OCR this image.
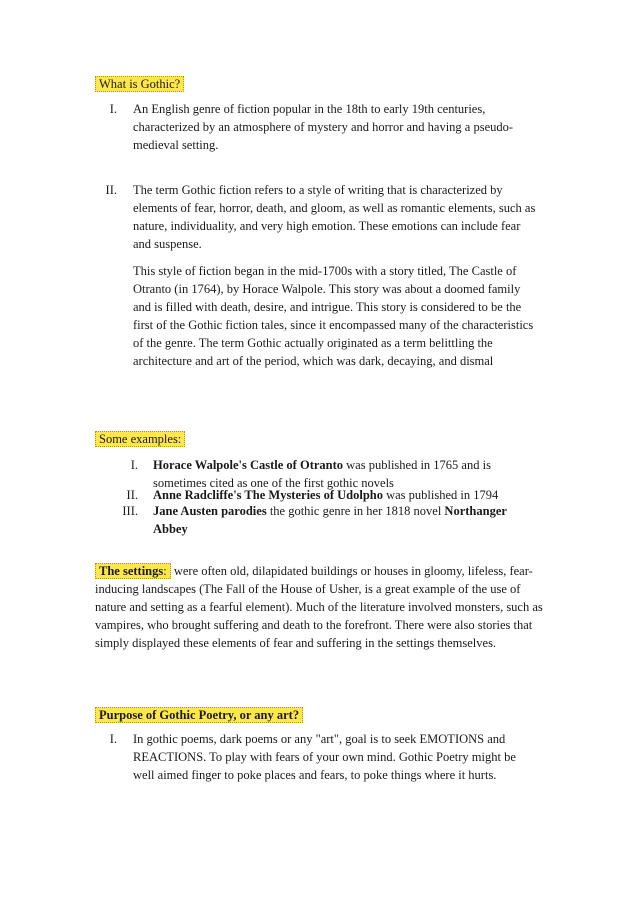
What is Gothic?
I. An English genre of fiction popular in the 18th to early 19th centuries, characterized by an atmosphere of mystery and horror and having a pseudo-medieval setting.
II. The term Gothic fiction refers to a style of writing that is characterized by elements of fear, horror, death, and gloom, as well as romantic elements, such as nature, individuality, and very high emotion. These emotions can include fear and suspense.
This style of fiction began in the mid-1700s with a story titled, The Castle of Otranto (in 1764), by Horace Walpole. This story was about a doomed family and is filled with death, desire, and intrigue. This story is considered to be the first of the Gothic fiction tales, since it encompassed many of the characteristics of the genre. The term Gothic actually originated as a term belittling the architecture and art of the period, which was dark, decaying, and dismal
Some examples:
I. Horace Walpole's Castle of Otranto was published in 1765 and is sometimes cited as one of the first gothic novels
II. Anne Radcliffe's The Mysteries of Udolpho was published in 1794
III. Jane Austen parodies the gothic genre in her 1818 novel Northanger Abbey
The settings: were often old, dilapidated buildings or houses in gloomy, lifeless, fear-inducing landscapes (The Fall of the House of Usher, is a great example of the use of nature and setting as a fearful element). Much of the literature involved monsters, such as vampires, who brought suffering and death to the forefront. There were also stories that simply displayed these elements of fear and suffering in the settings themselves.
Purpose of Gothic Poetry, or any art?
I. In gothic poems, dark poems or any "art", goal is to seek EMOTIONS and REACTIONS. To play with fears of your own mind. Gothic Poetry might be well aimed finger to poke places and fears, to poke things where it hurts.
